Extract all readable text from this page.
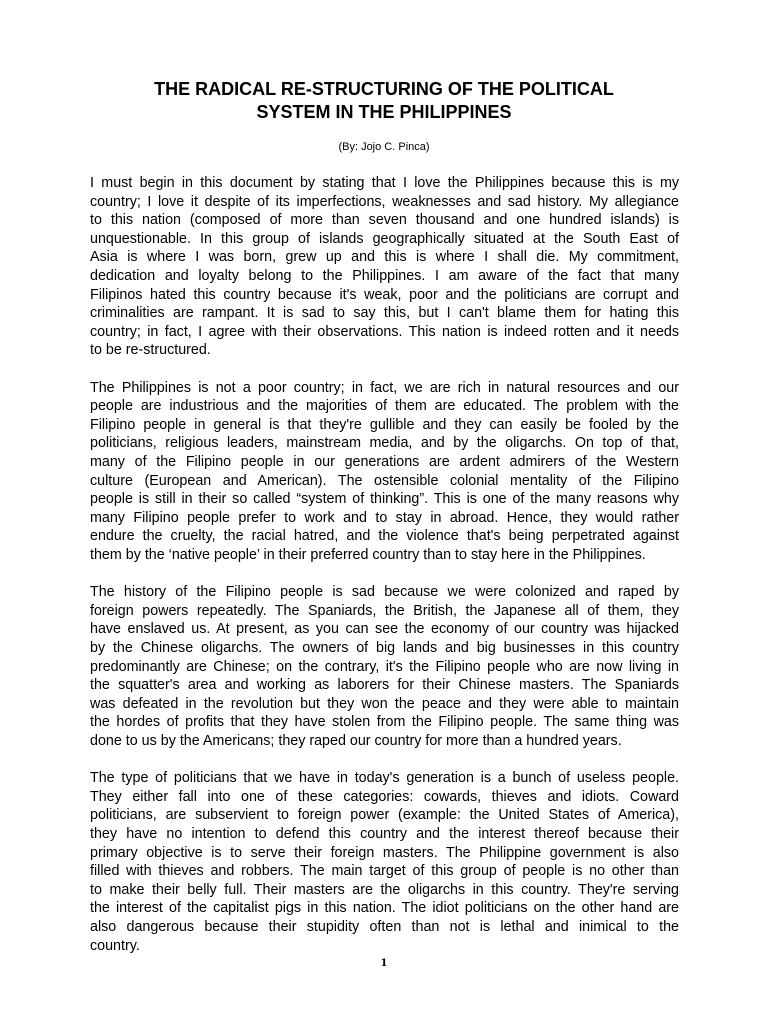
THE RADICAL RE-STRUCTURING OF THE POLITICAL
SYSTEM IN THE PHILIPPINES
(By: Jojo C. Pinca)
I must begin in this document by stating that I love the Philippines because this is my
country; I love it despite of its imperfections, weaknesses and sad history. My allegiance
to this nation (composed of more than seven thousand and one hundred islands) is
unquestionable. In this group of islands geographically situated at the South East of
Asia is where I was born, grew up and this is where I shall die. My commitment,
dedication and loyalty belong to the Philippines. I am aware of the fact that many
Filipinos hated this country because it's weak, poor and the politicians are corrupt and
criminalities are rampant. It is sad to say this, but I can't blame them for hating this
country; in fact, I agree with their observations. This nation is indeed rotten and it needs
to be re-structured.
The Philippines is not a poor country; in fact, we are rich in natural resources and our
people are industrious and the majorities of them are educated. The problem with the
Filipino people in general is that they're gullible and they can easily be fooled by the
politicians, religious leaders, mainstream media, and by the oligarchs. On top of that,
many of the Filipino people in our generations are ardent admirers of the Western
culture (European and American). The ostensible colonial mentality of the Filipino
people is still in their so called “system of thinking”. This is one of the many reasons why
many Filipino people prefer to work and to stay in abroad. Hence, they would rather
endure the cruelty, the racial hatred, and the violence that's being perpetrated against
them by the ‘native people’ in their preferred country than to stay here in the Philippines.
The history of the Filipino people is sad because we were colonized and raped by
foreign powers repeatedly. The Spaniards, the British, the Japanese all of them, they
have enslaved us. At present, as you can see the economy of our country was hijacked
by the Chinese oligarchs. The owners of big lands and big businesses in this country
predominantly are Chinese; on the contrary, it's the Filipino people who are now living in
the squatter's area and working as laborers for their Chinese masters. The Spaniards
was defeated in the revolution but they won the peace and they were able to maintain
the hordes of profits that they have stolen from the Filipino people. The same thing was
done to us by the Americans; they raped our country for more than a hundred years.
The type of politicians that we have in today's generation is a bunch of useless people.
They either fall into one of these categories: cowards, thieves and idiots. Coward
politicians, are subservient to foreign power (example: the United States of America),
they have no intention to defend this country and the interest thereof because their
primary objective is to serve their foreign masters. The Philippine government is also
filled with thieves and robbers. The main target of this group of people is no other than
to make their belly full. Their masters are the oligarchs in this country. They're serving
the interest of the capitalist pigs in this nation. The idiot politicians on the other hand are
also dangerous because their stupidity often than not is lethal and inimical to the
country.
1
